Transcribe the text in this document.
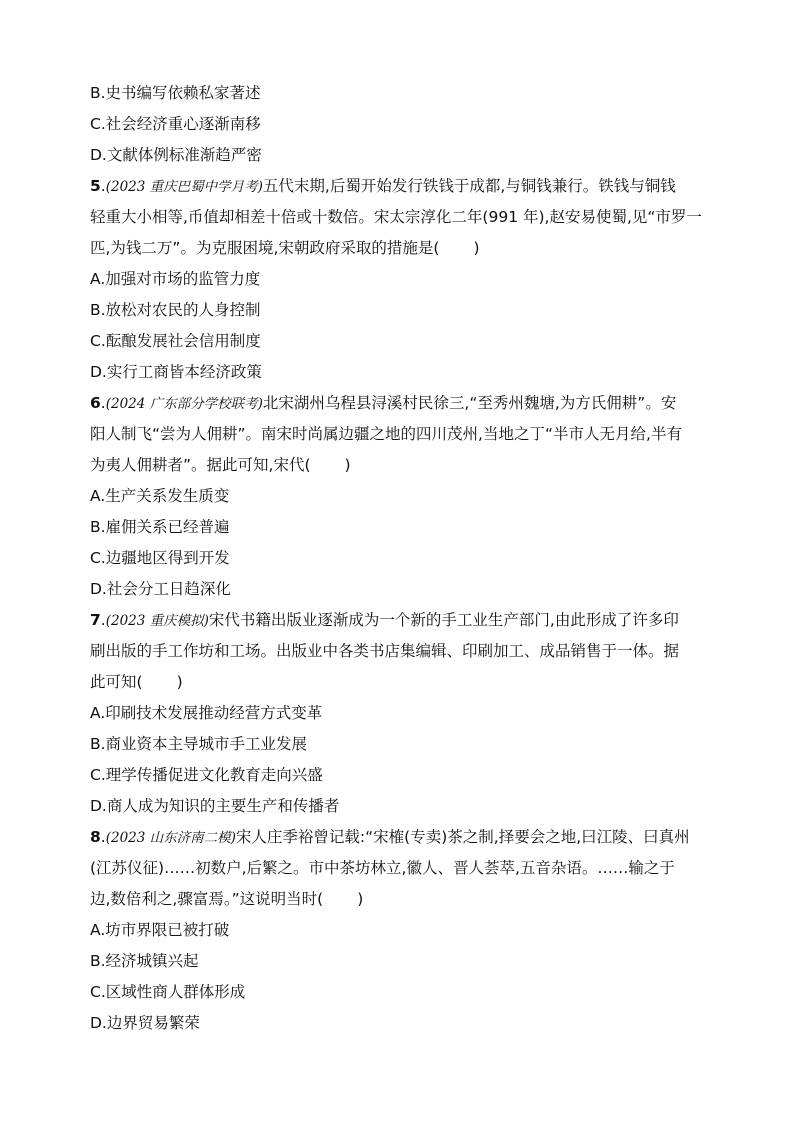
B.史书编写依赖私家著述
C.社会经济重心逐渐南移
D.文献体例标准渐趋严密
5.(2023 重庆巴蜀中学月考)五代末期,后蜀开始发行铁钱于成都,与铜钱兼行。铁钱与铜钱
轻重大小相等,币值却相差十倍或十数倍。宋太宗淳化二年(991 年),赵安易使蜀,见“市罗一
匹,为钱二万”。为克服困境,宋朝政府采取的措施是( )
A.加强对市场的监管力度
B.放松对农民的人身控制
C.酝酿发展社会信用制度
D.实行工商皆本经济政策
6.(2024 广东部分学校联考)北宋湖州乌程县浔溪村民徐三,“至秀州魏塘,为方氏佣耕”。安
阳人制飞“尝为人佣耕”。南宋时尚属边疆之地的四川茂州,当地之丁“半市人无月给,半有
为夷人佣耕者”。据此可知,宋代( )
A.生产关系发生质变
B.雇佣关系已经普遍
C.边疆地区得到开发
D.社会分工日趋深化
7.(2023 重庆模拟)宋代书籍出版业逐渐成为一个新的手工业生产部门,由此形成了许多印
刷出版的手工作坊和工场。出版业中各类书店集编辑、印刷加工、成品销售于一体。据
此可知( )
A.印刷技术发展推动经营方式变革
B.商业资本主导城市手工业发展
C.理学传播促进文化教育走向兴盛
D.商人成为知识的主要生产和传播者
8.(2023 山东济南二模)宋人庄季裕曾记载:“宋榷(专卖)茶之制,择要会之地,曰江陵、曰真州
(江苏仪征)……初数户,后繁之。市中茶坊林立,徽人、晋人荟萃,五音杂语。……输之于
边,数倍利之,骤富焉。”这说明当时( )
A.坊市界限已被打破
B.经济城镇兴起
C.区域性商人群体形成
D.边界贸易繁荣
